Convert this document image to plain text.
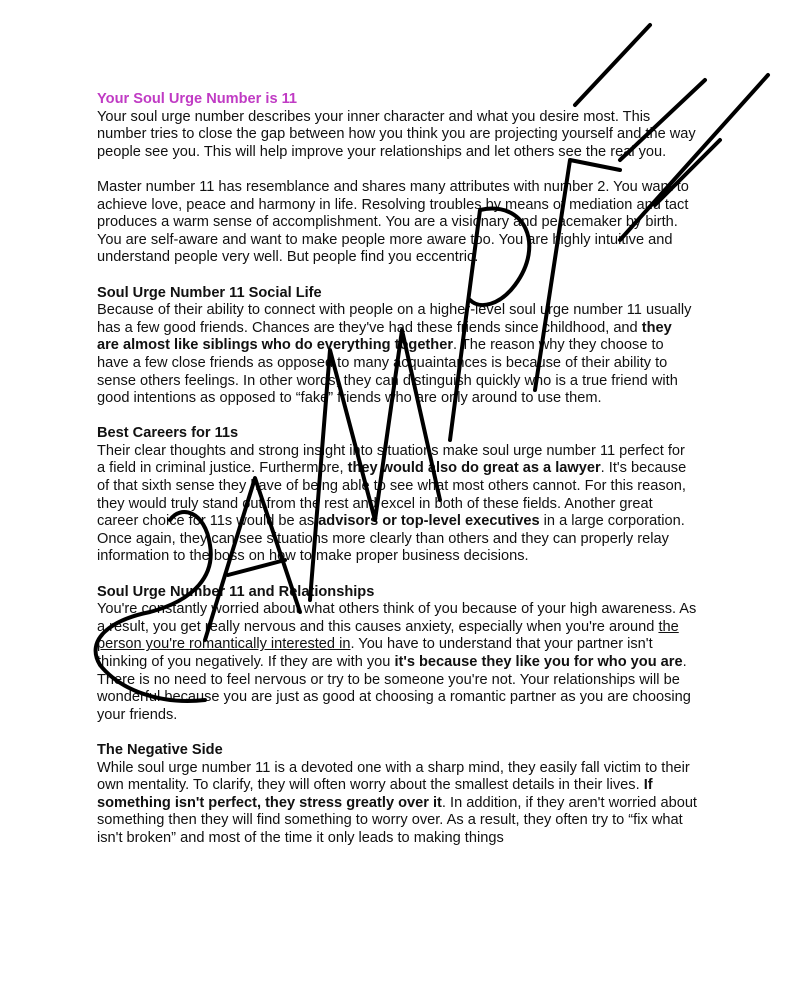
Your Soul Urge Number is 11

Your soul urge number describes your inner character and what you desire most. This number tries to close the gap between how you think you are projecting yourself and the way people see you. This will help improve your relationships and let others see the real you.

Master number 11 has resemblance and shares many attributes with number 2. You want to achieve love, peace and harmony in life. Resolving troubles by means of mediation and tact produces a warm sense of accomplishment. You are a visionary and peacemaker by birth. You are self-aware and want to make people more aware too. You are highly intuitive and understand people very well. But people find you eccentric.

Soul Urge Number 11 Social Life

Because of their ability to connect with people on a higher-level soul urge number 11 usually has a few good friends. Chances are they've had these friends since childhood, and they are almost like siblings who do everything together. The reason why they choose to have a few close friends as opposed to many acquaintances is because of their ability to sense others feelings. In other words, they can distinguish quickly who is a true friend with good intentions as opposed to “fake” friends who are only around to use them.

Best Careers for 11s

Their clear thoughts and strong insight into situations make soul urge number 11 perfect for a field in criminal justice. Furthermore, they would also do great as a lawyer. It's because of that sixth sense they have of being able to see what most others cannot. For this reason, they would truly stand out from the rest and excel in both of these fields. Another great career choice for 11s would be as advisors or top-level executives in a large corporation. Once again, they can see situations more clearly than others and they can properly relay information to the boss on how to make proper business decisions.

Soul Urge Number 11 and Relationships

You're constantly worried about what others think of you because of your high awareness. As a result, you get really nervous and this causes anxiety, especially when you're around the person you're romantically interested in. You have to understand that your partner isn't thinking of you negatively. If they are with you it's because they like you for who you are. There is no need to feel nervous or try to be someone you're not. Your relationships will be wonderful because you are just as good at choosing a romantic partner as you are choosing your friends.

The Negative Side

While soul urge number 11 is a devoted one with a sharp mind, they easily fall victim to their own mentality. To clarify, they will often worry about the smallest details in their lives. If something isn't perfect, they stress greatly over it. In addition, if they aren't worried about something then they will find something to worry over. As a result, they often try to “fix what isn't broken” and most of the time it only leads to making things
